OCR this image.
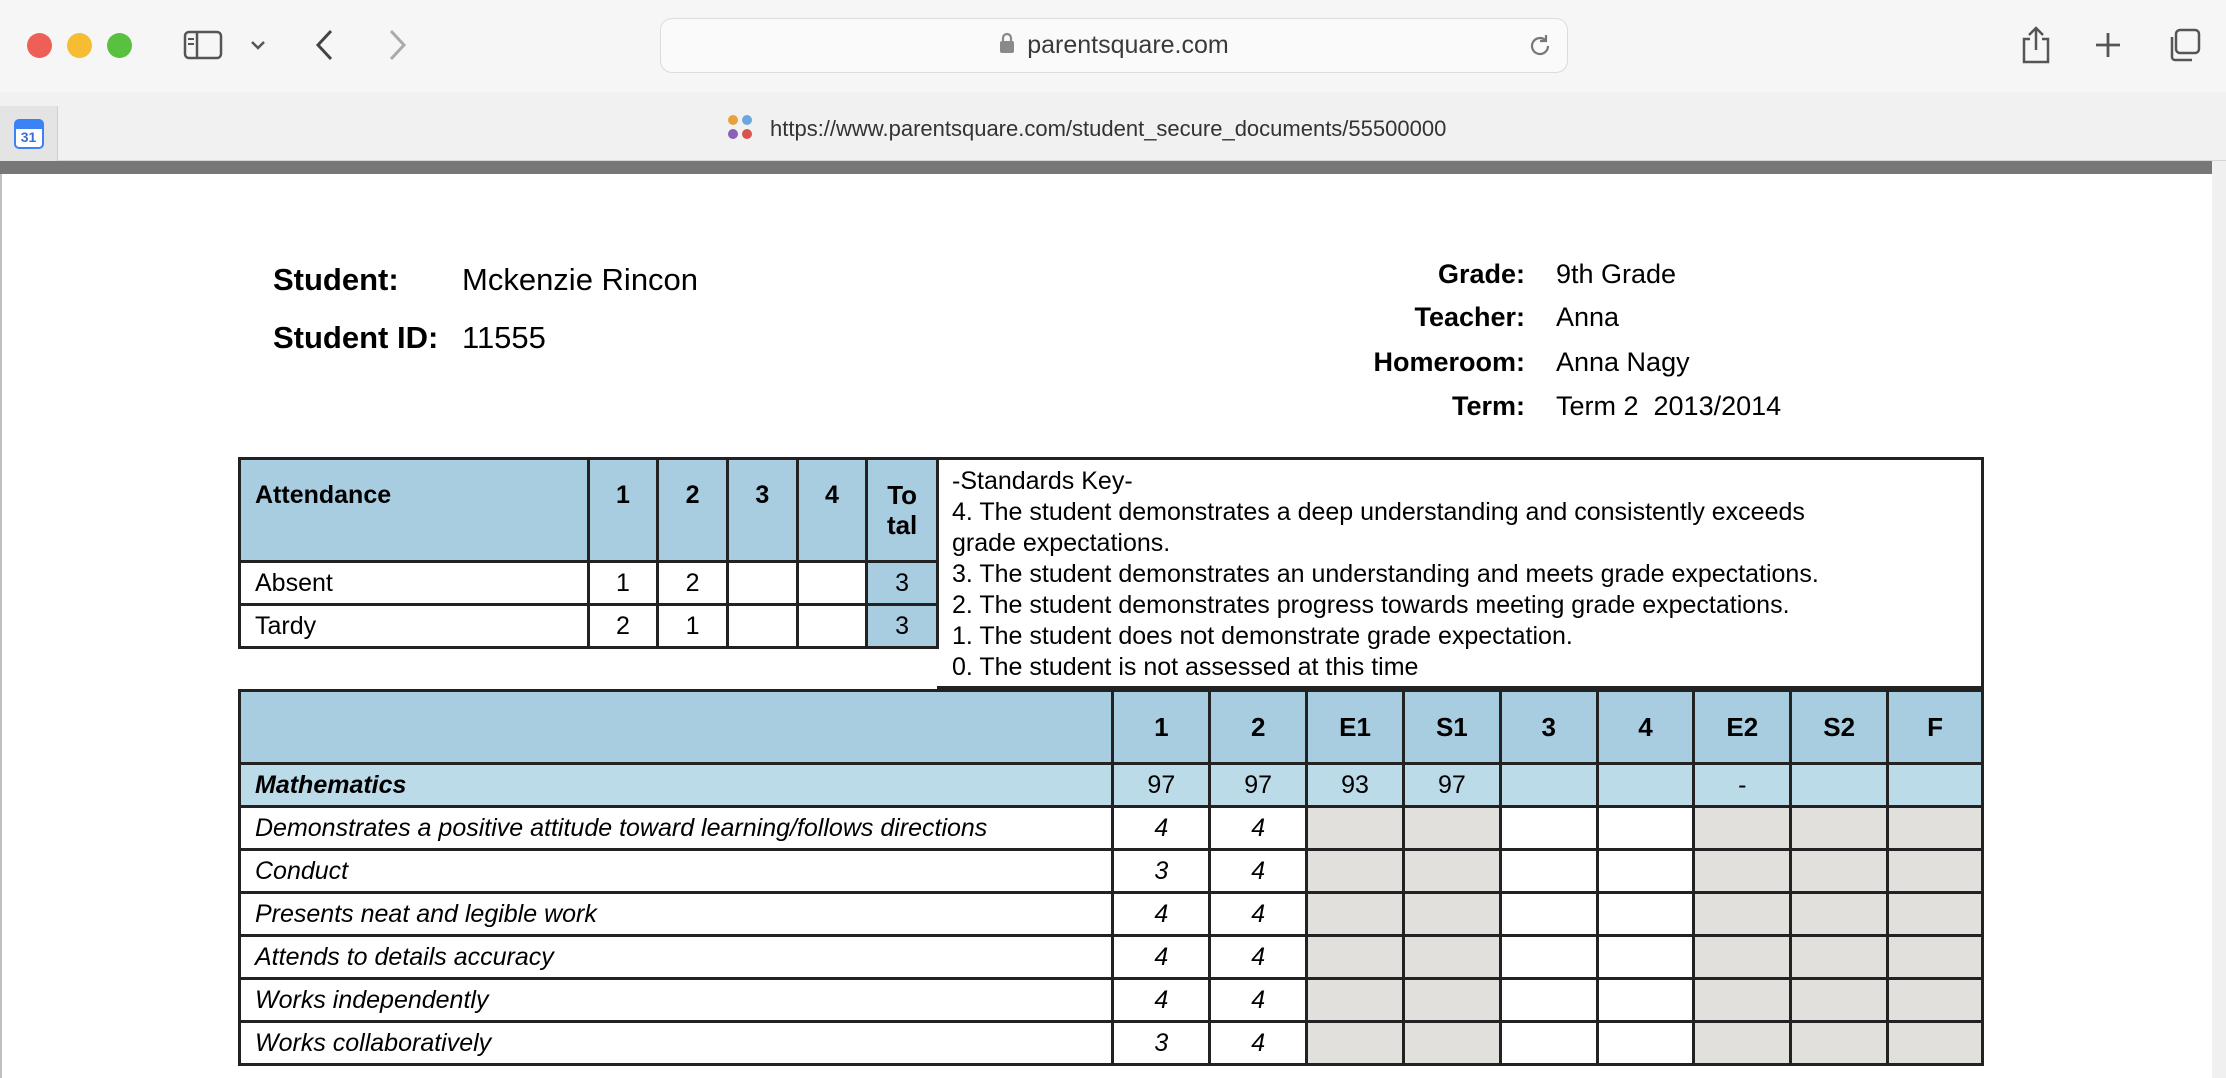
parentsquare.com
31	https://www.parentsquare.com/student_secure_documents/55500000
Student: Mckenzie Rincon
Student ID: 11555
Grade: 9th Grade
Teacher: Anna
Homeroom: Anna Nagy
Term: Term 2  2013/2014
Attendance	1	2	3	4	To
tal

Absent	1	2			3
Tardy	2	1			3
-Standards Key-
4. The student demonstrates a deep understanding and consistently exceeds
grade expectations.
3. The student demonstrates an understanding and meets grade expectations.
2. The student demonstrates progress towards meeting grade expectations.
1. The student does not demonstrate grade expectation.
0. The student is not assessed at this time
	1	2	E1	S1	3	4	E2	S2	F
Mathematics	97	97	93	97			-		
Demonstrates a positive attitude toward learning/follows directions	4	4							
Conduct	3	4							
Presents neat and legible work	4	4							
Attends to details accuracy	4	4							
Works independently	4	4							
Works collaboratively	3	4							
